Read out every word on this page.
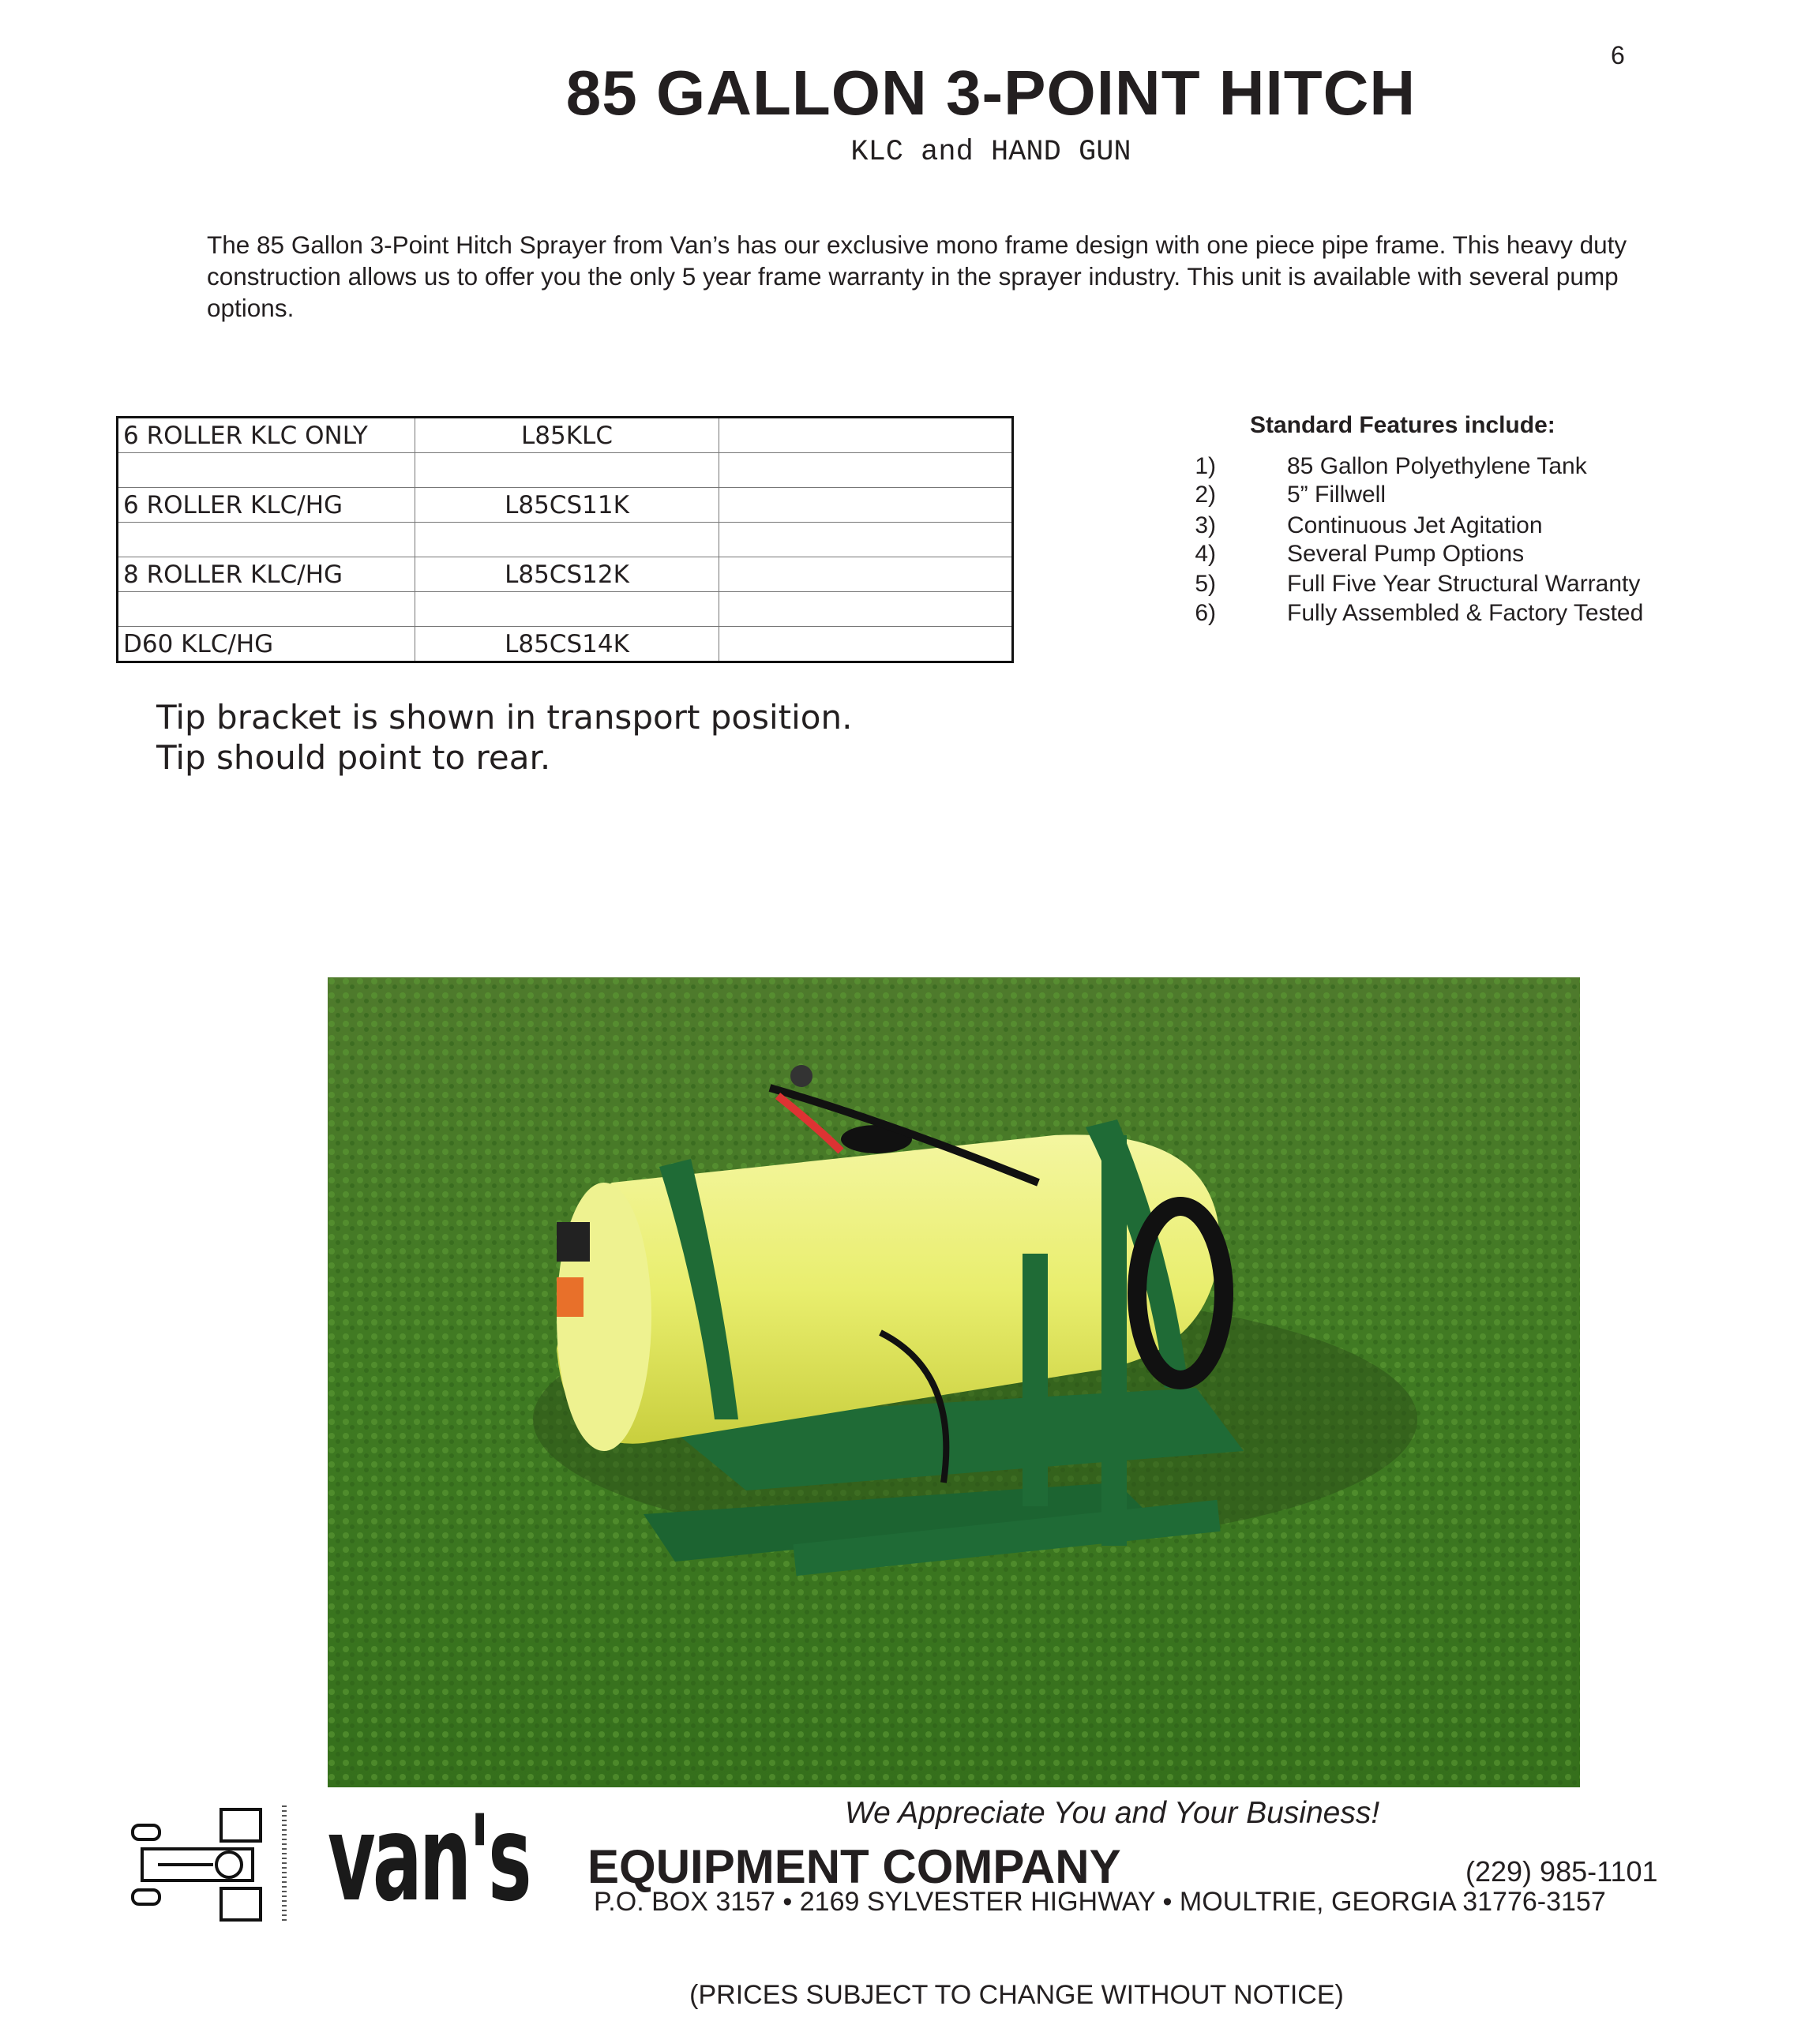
6
85 GALLON 3-POINT HITCH
KLC and HAND GUN
The 85 Gallon 3-Point Hitch Sprayer from Van’s has our exclusive mono frame design with one piece pipe frame. This heavy duty construction allows us to offer you the only 5 year frame warranty in the sprayer industry. This unit is available with several pump options.
6 ROLLER KLC ONLY	L85KLC	

6 ROLLER KLC/HG	L85CS11K	

8 ROLLER KLC/HG	L85CS12K	

D60 KLC/HG	L85CS14K	
Standard Features include:
1)	85 Gallon Polyethylene Tank
2)	5” Fillwell
3)	Continuous Jet Agitation
4)	Several Pump Options
5)	Full Five Year Structural Warranty
6)	Fully Assembled & Factory Tested
Tip bracket is shown in transport position.
Tip should point to rear.
We Appreciate You and Your Business!
van's EQUIPMENT COMPANY	(229) 985-1101
P.O. BOX 3157 • 2169 SYLVESTER HIGHWAY • MOULTRIE, GEORGIA 31776-3157
(PRICES SUBJECT TO CHANGE WITHOUT NOTICE)
